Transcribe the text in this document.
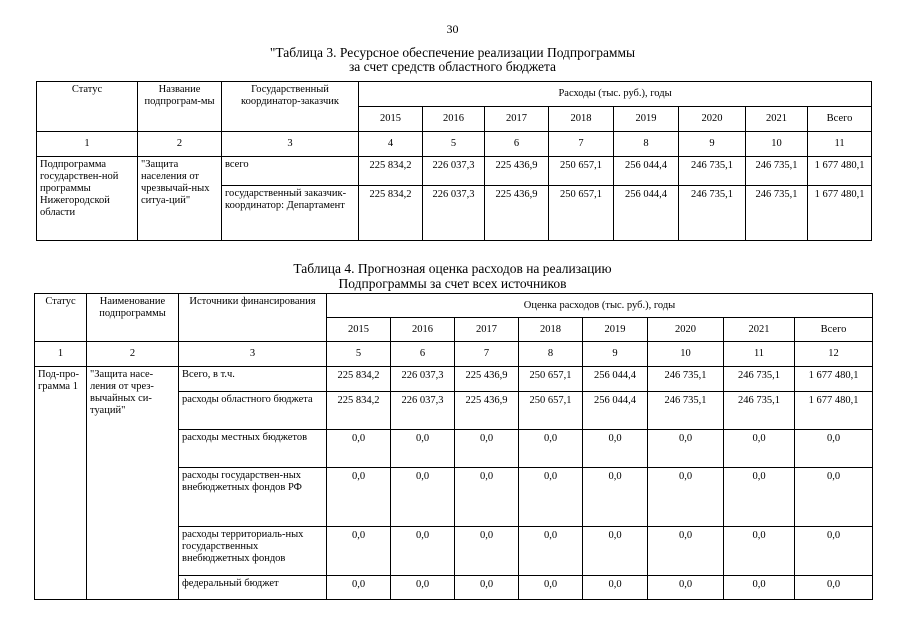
30
"Таблица 3. Ресурсное обеспечение реализации Подпрограммы
за счет средств областного бюджета
Статус	Название подпрограм-мы	Государственный координатор-заказчик	Расходы (тыс. руб.), годы							
			2015	2016	2017	2018	2019	2020	2021	Всего
1	2	3	4	5	6	7	8	9	10	11
Подпрограмма государствен-ной программы Нижегородской области	"Защита населения от чрезвычай-ных ситуа-ций"	всего	225 834,2	226 037,3	225 436,9	250 657,1	256 044,4	246 735,1	246 735,1	1 677 480,1
		государственный заказчик-координатор: Департамент	225 834,2	226 037,3	225 436,9	250 657,1	256 044,4	246 735,1	246 735,1	1 677 480,1
Таблица 4. Прогнозная оценка расходов на реализацию
Подпрограммы за счет всех источников
Статус	Наименование подпрограммы	Источники финансирования	Оценка расходов (тыс. руб.), годы							
			2015	2016	2017	2018	2019	2020	2021	Всего
1	2	3	5	6	7	8	9	10	11	12
Под-про-грамма 1	"Защита насе-ления от чрез-вычайных си-туаций"	Всего, в т.ч.	225 834,2	226 037,3	225 436,9	250 657,1	256 044,4	246 735,1	246 735,1	1 677 480,1
		расходы областного бюджета	225 834,2	226 037,3	225 436,9	250 657,1	256 044,4	246 735,1	246 735,1	1 677 480,1
		расходы местных бюджетов	0,0	0,0	0,0	0,0	0,0	0,0	0,0	0,0
		расходы государствен-ных внебюджетных фондов РФ	0,0	0,0	0,0	0,0	0,0	0,0	0,0	0,0
		расходы территориаль-ных государственных внебюджетных фондов	0,0	0,0	0,0	0,0	0,0	0,0	0,0	0,0
		федеральный бюджет	0,0	0,0	0,0	0,0	0,0	0,0	0,0	0,0
